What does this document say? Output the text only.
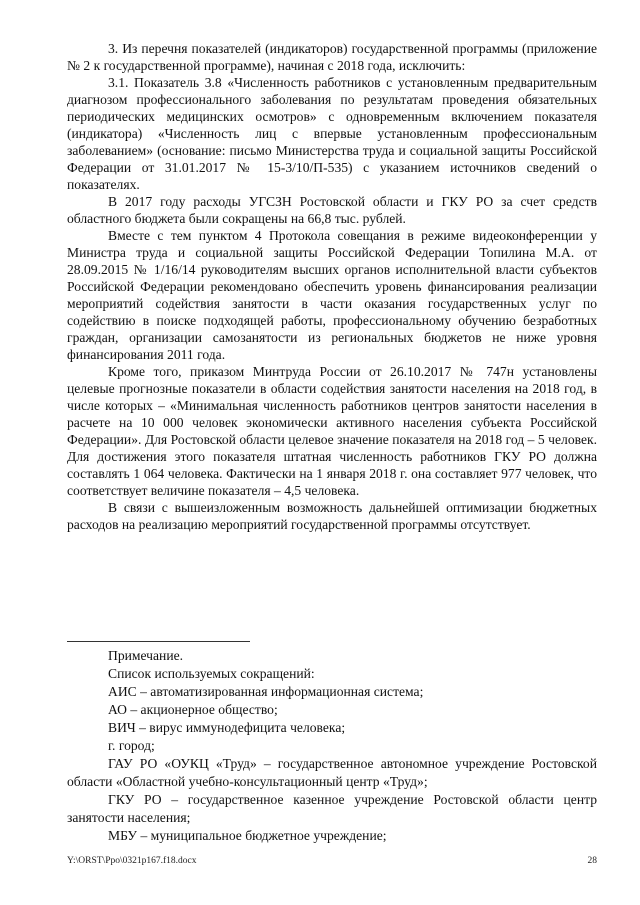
3. Из перечня показателей (индикаторов) государственной программы (приложение № 2 к государственной программе), начиная с 2018 года, исключить:

3.1. Показатель 3.8 «Численность работников с установленным предварительным диагнозом профессионального заболевания по результатам проведения обязательных периодических медицинских осмотров» с одновременным включением показателя (индикатора) «Численность лиц с впервые установленным профессиональным заболеванием» (основание: письмо Министерства труда и социальной защиты Российской Федерации от 31.01.2017 № 15-3/10/П-535) с указанием источников сведений о показателях.

В 2017 году расходы УГСЗН Ростовской области и ГКУ РО за счет средств областного бюджета были сокращены на 66,8 тыс. рублей.

Вместе с тем пунктом 4 Протокола совещания в режиме видеоконференции у Министра труда и социальной защиты Российской Федерации Топилина М.А. от 28.09.2015 № 1/16/14 руководителям высших органов исполнительной власти субъектов Российской Федерации рекомендовано обеспечить уровень финансирования реализации мероприятий содействия занятости в части оказания государственных услуг по содействию в поиске подходящей работы, профессиональному обучению безработных граждан, организации самозанятости из региональных бюджетов не ниже уровня финансирования 2011 года.

Кроме того, приказом Минтруда России от 26.10.2017 № 747н установлены целевые прогнозные показатели в области содействия занятости населения на 2018 год, в числе которых – «Минимальная численность работников центров занятости населения в расчете на 10 000 человек экономически активного населения субъекта Российской Федерации». Для Ростовской области целевое значение показателя на 2018 год – 5 человек. Для достижения этого показателя штатная численность работников ГКУ РО должна составлять 1 064 человека. Фактически на 1 января 2018 г. она составляет 977 человек, что соответствует величине показателя – 4,5 человека.

В связи с вышеизложенным возможность дальнейшей оптимизации бюджетных расходов на реализацию мероприятий государственной программы отсутствует.

Примечание.

Список используемых сокращений:

АИС – автоматизированная информационная система;

АО – акционерное общество;

ВИЧ – вирус иммунодефицита человека;

г. город;

ГАУ РО «ОУКЦ «Труд» – государственное автономное учреждение Ростовской области «Областной учебно-консультационный центр «Труд»;

ГКУ РО – государственное казенное учреждение Ростовской области центр занятости населения;

МБУ – муниципальное бюджетное учреждение;

Y:\ORST\Ppo\0321p167.f18.docx	28
